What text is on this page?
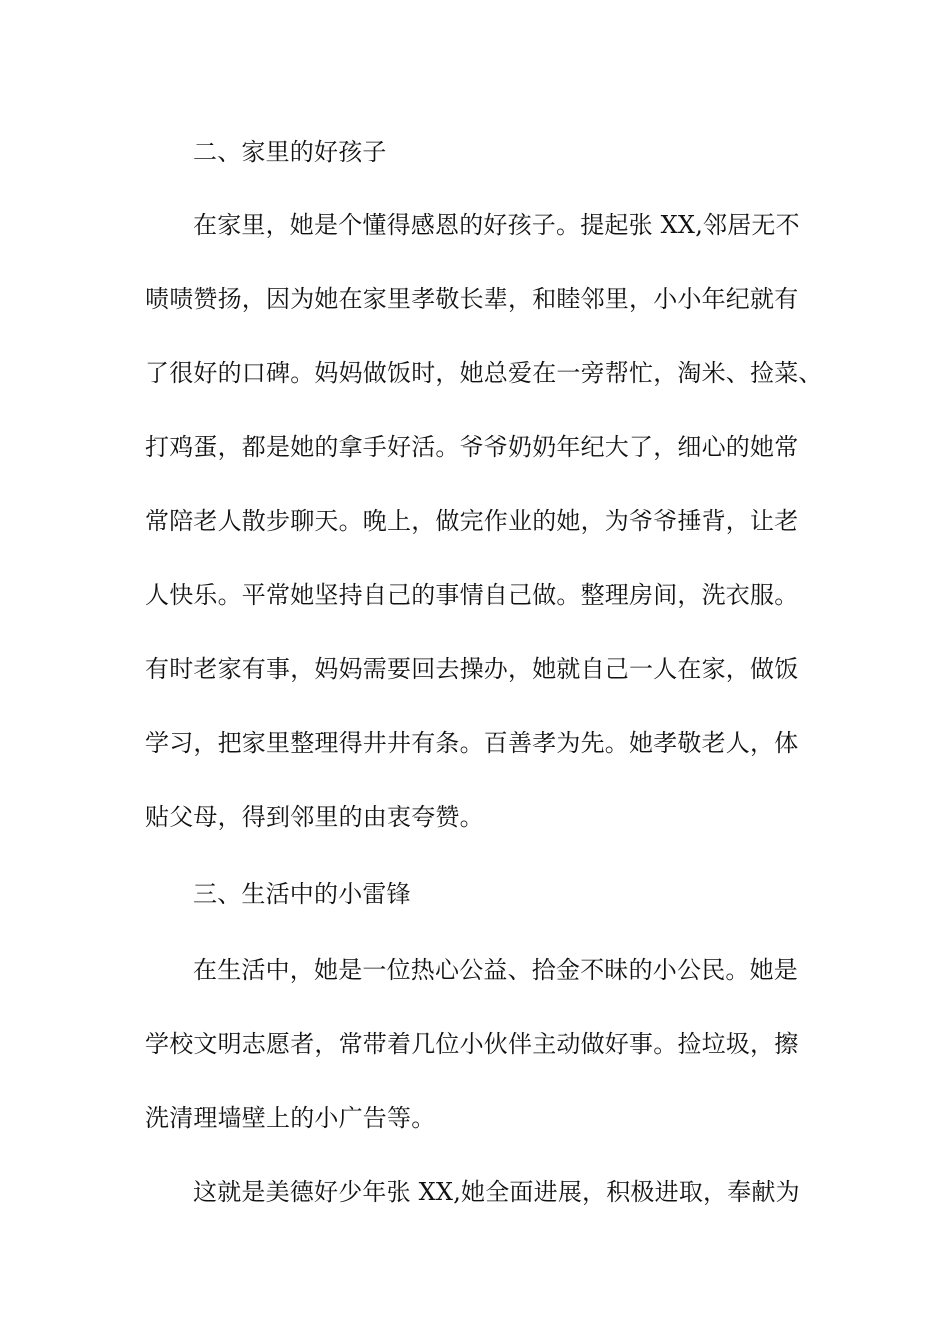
二、家里的好孩子
在家里，她是个懂得感恩的好孩子。提起张 XX,邻居无不
啧啧赞扬，因为她在家里孝敬长辈，和睦邻里，小小年纪就有
了很好的口碑。妈妈做饭时，她总爱在一旁帮忙，淘米、捡菜、
打鸡蛋，都是她的拿手好活。爷爷奶奶年纪大了，细心的她常
常陪老人散步聊天。晚上，做完作业的她，为爷爷捶背，让老
人快乐。平常她坚持自己的事情自己做。整理房间，洗衣服。
有时老家有事，妈妈需要回去操办，她就自己一人在家，做饭
学习，把家里整理得井井有条。百善孝为先。她孝敬老人，体
贴父母，得到邻里的由衷夸赞。
三、生活中的小雷锋
在生活中，她是一位热心公益、拾金不昧的小公民。她是
学校文明志愿者，常带着几位小伙伴主动做好事。捡垃圾，擦
洗清理墙壁上的小广告等。
这就是美德好少年张 XX,她全面进展，积极进取，奉献为
